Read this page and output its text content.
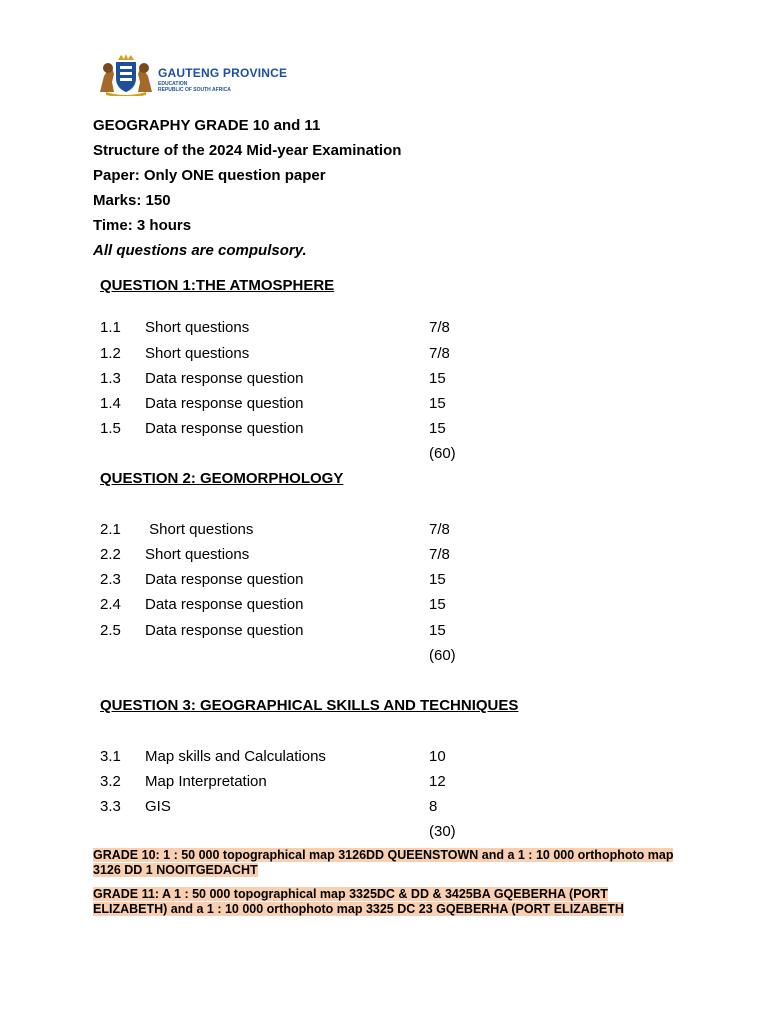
GAUTENG PROVINCE
EDUCATION
REPUBLIC OF SOUTH AFRICA
GEOGRAPHY GRADE 10 and 11
Structure of the 2024 Mid-year Examination
Paper: Only ONE question paper
Marks: 150
Time: 3 hours
All questions are compulsory.
QUESTION 1:THE ATMOSPHERE
1.1 Short questions	7/8
1.2 Short questions	7/8
1.3 Data response question	15
1.4 Data response question	15
1.5 Data response question	15
(60)
QUESTION 2: GEOMORPHOLOGY
2.1 Short questions	7/8
2.2 Short questions	7/8
2.3 Data response question	15
2.4 Data response question	15
2.5 Data response question	15
(60)
QUESTION 3: GEOGRAPHICAL SKILLS AND TECHNIQUES
3.1 Map skills and Calculations	10
3.2 Map Interpretation	12
3.3 GIS	8
(30)
GRADE 10: 1 : 50 000 topographical map 3126DD QUEENSTOWN and a 1 : 10 000 orthophoto map 3126 DD 1 NOOITGEDACHT
GRADE 11: A 1 : 50 000 topographical map 3325DC & DD & 3425BA GQEBERHA (PORT ELIZABETH) and a 1 : 10 000 orthophoto map 3325 DC 23 GQEBERHA (PORT ELIZABETH
